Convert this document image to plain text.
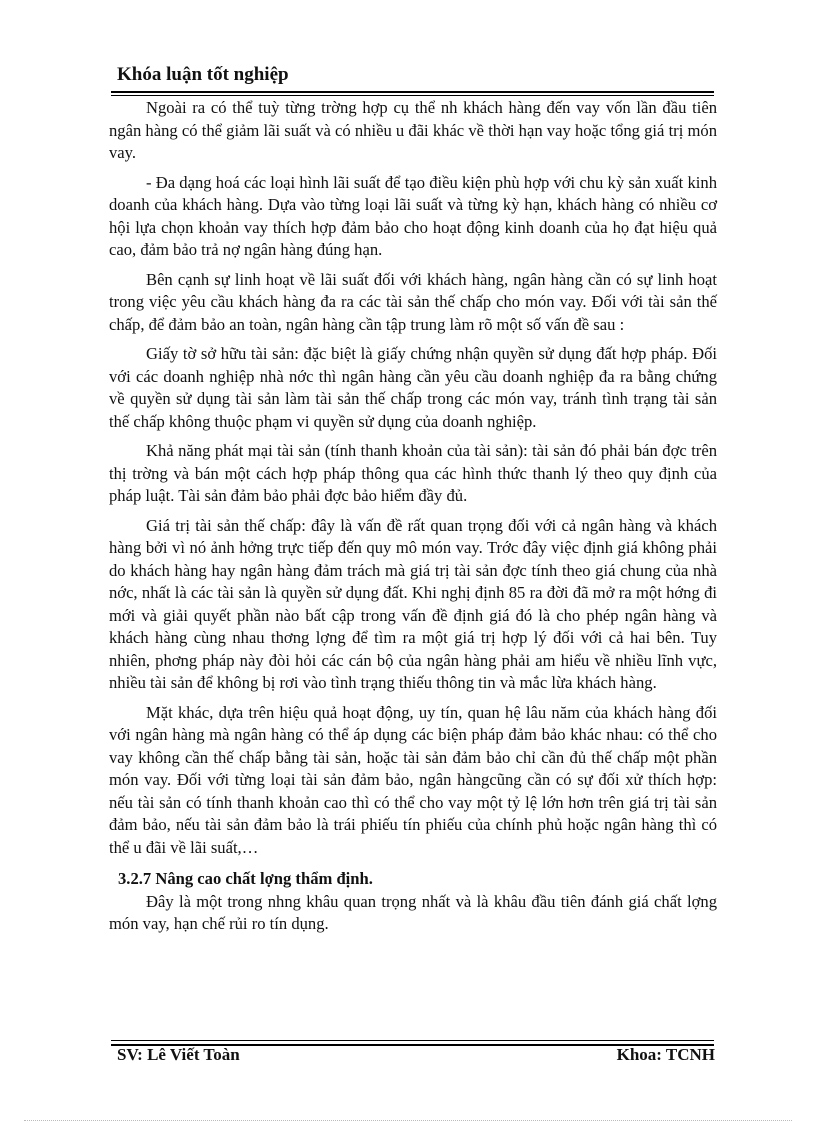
Khóa luận tốt nghiệp

Ngoài ra có thể tuỳ từng trờng hợp cụ thể nh khách hàng đến vay vốn lần đầu tiên ngân hàng có thể giảm lãi suất và có nhiều u đãi khác về thời hạn vay hoặc tổng giá trị món vay.

- Đa dạng hoá các loại hình lãi suất để tạo điều kiện phù hợp với chu kỳ sản xuất kinh doanh của khách hàng. Dựa vào từng loại lãi suất và từng kỳ hạn, khách hàng có nhiều cơ hội lựa chọn khoản vay thích hợp đảm bảo cho hoạt động kinh doanh của họ đạt hiệu quả cao, đảm bảo trả nợ ngân hàng đúng hạn.

Bên cạnh sự linh hoạt về lãi suất đối với khách hàng, ngân hàng cần có sự linh hoạt trong việc yêu cầu khách hàng đa ra các tài sản thế chấp cho món vay. Đối với tài sản thế chấp, để đảm bảo an toàn, ngân hàng cần tập trung làm rõ một số vấn đề sau :

Giấy tờ sở hữu tài sản: đặc biệt là giấy chứng nhận quyền sử dụng đất hợp pháp. Đối với các doanh nghiệp nhà nớc thì ngân hàng cần yêu cầu doanh nghiệp đa ra bằng chứng về quyền sử dụng tài sản làm tài sản thế chấp trong các món vay, tránh tình trạng tài sản thế chấp không thuộc phạm vi quyền sử dụng của doanh nghiệp.

Khả năng phát mại tài sản (tính thanh khoản của tài sản): tài sản đó phải bán đợc trên thị trờng và bán một cách hợp pháp thông qua các hình thức thanh lý theo quy định của pháp luật. Tài sản đảm bảo phải đợc bảo hiểm đầy đủ.

Giá trị tài sản thế chấp: đây là vấn đề rất quan trọng đối với cả ngân hàng và khách hàng bởi vì nó ảnh hởng trực tiếp đến quy mô món vay. Trớc đây việc định giá không phải do khách hàng hay ngân hàng đảm trách mà giá trị tài sản đợc tính theo giá chung của nhà nớc, nhất là các tài sản là quyền sử dụng đất. Khi nghị định 85 ra đời đã mở ra một hớng đi mới và giải quyết phần nào bất cập trong vấn đề định giá đó là cho phép ngân hàng và khách hàng cùng nhau thơng lợng để tìm ra một giá trị hợp lý đối với cả hai bên. Tuy nhiên, phơng pháp này đòi hỏi các cán bộ của ngân hàng phải am hiểu về nhiều lĩnh vực, nhiều tài sản để không bị rơi vào tình trạng thiếu thông tin và mắc lừa khách hàng.

Mặt khác, dựa trên hiệu quả hoạt động, uy tín, quan hệ lâu năm của khách hàng đối với ngân hàng mà ngân hàng có thể áp dụng các biện pháp đảm bảo khác nhau: có thể cho vay không cần thế chấp bằng tài sản, hoặc tài sản đảm bảo chỉ cần đủ thế chấp một phần món vay. Đối với từng loại tài sản đảm bảo, ngân hàngcũng cần có sự đối xử thích hợp: nếu tài sản có tính thanh khoản cao thì có thể cho vay một tỷ lệ lớn hơn trên giá trị tài sản đảm bảo, nếu tài sản đảm bảo là trái phiếu tín phiếu của chính phủ hoặc ngân hàng thì có thể u đãi về lãi suất,…

3.2.7 Nâng cao chất lợng thẩm định.

Đây là một trong nhng khâu quan trọng nhất và là khâu đầu tiên đánh giá chất lợng món vay, hạn chế rủi ro tín dụng.

SV: Lê Viết Toàn	Khoa: TCNH
